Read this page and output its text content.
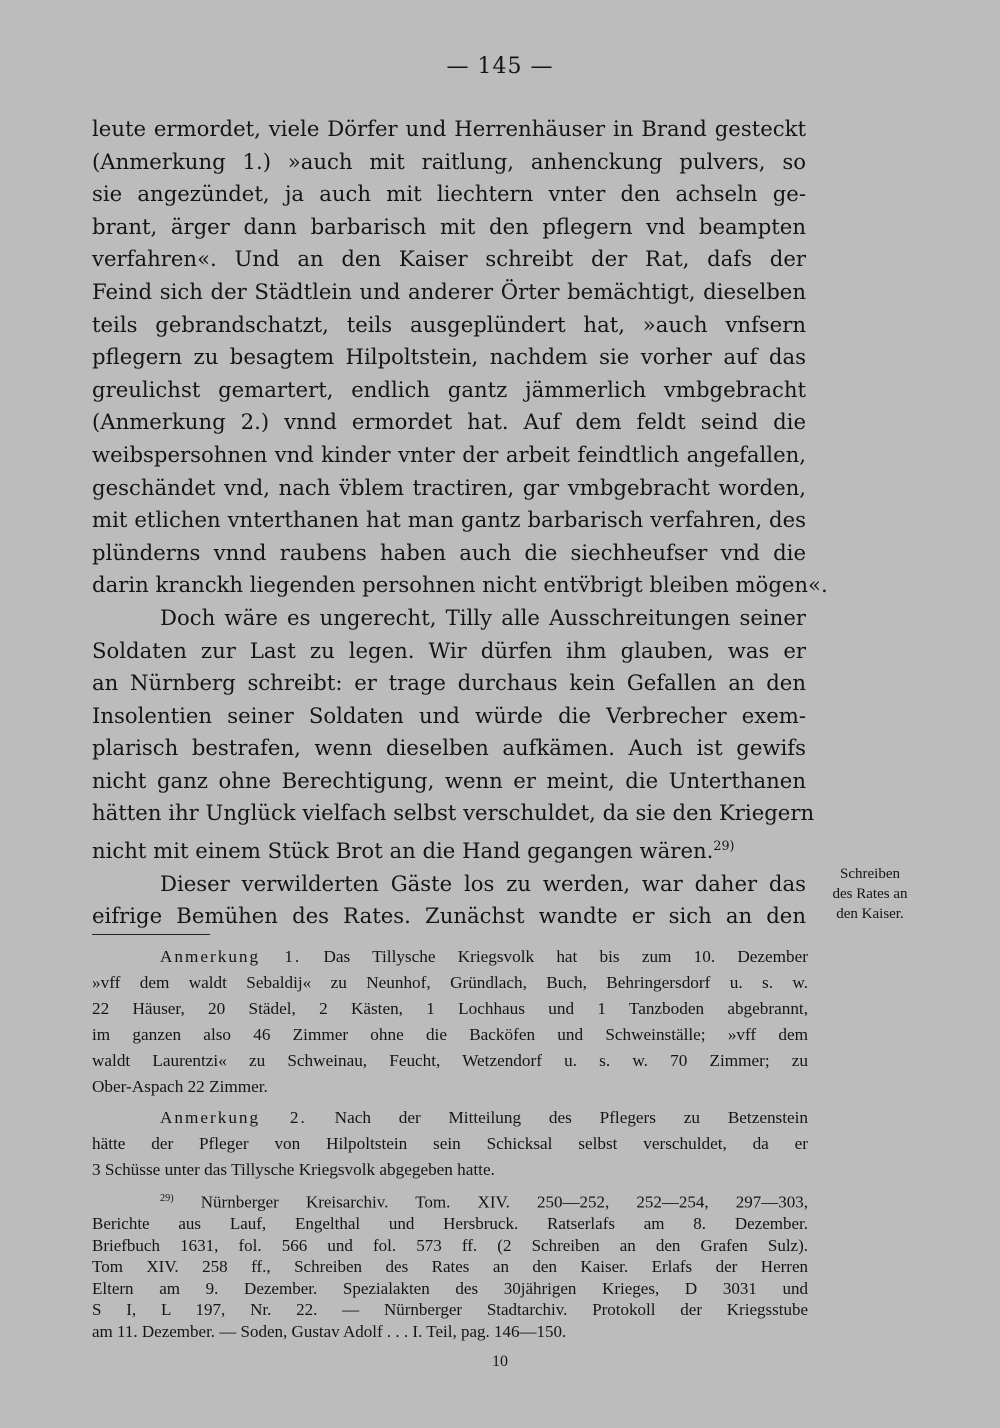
— 145 —
leute ermordet, viele Dörfer und Herrenhäuser in Brand gesteckt
(Anmerkung 1.) »auch mit raitlung, anhenckung pulvers, so
sie angezündet, ja auch mit liechtern vnter den achseln ge-
brant, ärger dann barbarisch mit den pflegern vnd beampten
verfahren«. Und an den Kaiser schreibt der Rat, dafs der
Feind sich der Städtlein und anderer Örter bemächtigt, dieselben
teils gebrandschatzt, teils ausgeplündert hat, »auch vnfsern
pflegern zu besagtem Hilpoltstein, nachdem sie vorher auf das
greulichst gemartert, endlich gantz jämmerlich vmbgebracht
(Anmerkung 2.) vnnd ermordet hat. Auf dem feldt seind die
weibspersohnen vnd kinder vnter der arbeit feindtlich angefallen,
geschändet vnd, nach v̈blem tractiren, gar vmbgebracht worden,
mit etlichen vnterthanen hat man gantz barbarisch verfahren, des
plünderns vnnd raubens haben auch die siechheufser vnd die
darin kranckh liegenden persohnen nicht entv̈brigt bleiben mögen«.
Doch wäre es ungerecht, Tilly alle Ausschreitungen seiner
Soldaten zur Last zu legen. Wir dürfen ihm glauben, was er
an Nürnberg schreibt: er trage durchaus kein Gefallen an den
Insolentien seiner Soldaten und würde die Verbrecher exem-
plarisch bestrafen, wenn dieselben aufkämen. Auch ist gewifs
nicht ganz ohne Berechtigung, wenn er meint, die Unterthanen
hätten ihr Unglück vielfach selbst verschuldet, da sie den Kriegern
nicht mit einem Stück Brot an die Hand gegangen wären.$^{29)}$
Dieser verwilderten Gäste los zu werden, war daher das
eifrige Bemühen des Rates. Zunächst wandte er sich an den
Schreiben
des Rates an
den Kaiser.
Anmerkung 1. Das Tillysche Kriegsvolk hat bis zum 10. Dezember
»vff dem waldt Sebaldij« zu Neunhof, Gründlach, Buch, Behringersdorf u. s. w.
22 Häuser, 20 Städel, 2 Kästen, 1 Lochhaus und 1 Tanzboden abgebrannt,
im ganzen also 46 Zimmer ohne die Backöfen und Schweinställe; »vff dem
waldt Laurentzi« zu Schweinau, Feucht, Wetzendorf u. s. w. 70 Zimmer; zu
Ober-Aspach 22 Zimmer.
Anmerkung 2. Nach der Mitteilung des Pflegers zu Betzenstein
hätte der Pfleger von Hilpoltstein sein Schicksal selbst verschuldet, da er
3 Schüsse unter das Tillysche Kriegsvolk abgegeben hatte.
$^{29)}$ Nürnberger Kreisarchiv. Tom. XIV. 250—252, 252—254, 297—303,
Berichte aus Lauf, Engelthal und Hersbruck. Ratserlafs am 8. Dezember.
Briefbuch 1631, fol. 566 und fol. 573 ff. (2 Schreiben an den Grafen Sulz).
Tom XIV. 258 ff., Schreiben des Rates an den Kaiser. Erlafs der Herren
Eltern am 9. Dezember. Spezialakten des 30jährigen Krieges, D 3031 und
S I, L 197, Nr. 22. — Nürnberger Stadtarchiv. Protokoll der Kriegsstube
am 11. Dezember. — Soden, Gustav Adolf . . . I. Teil, pag. 146—150.
10
